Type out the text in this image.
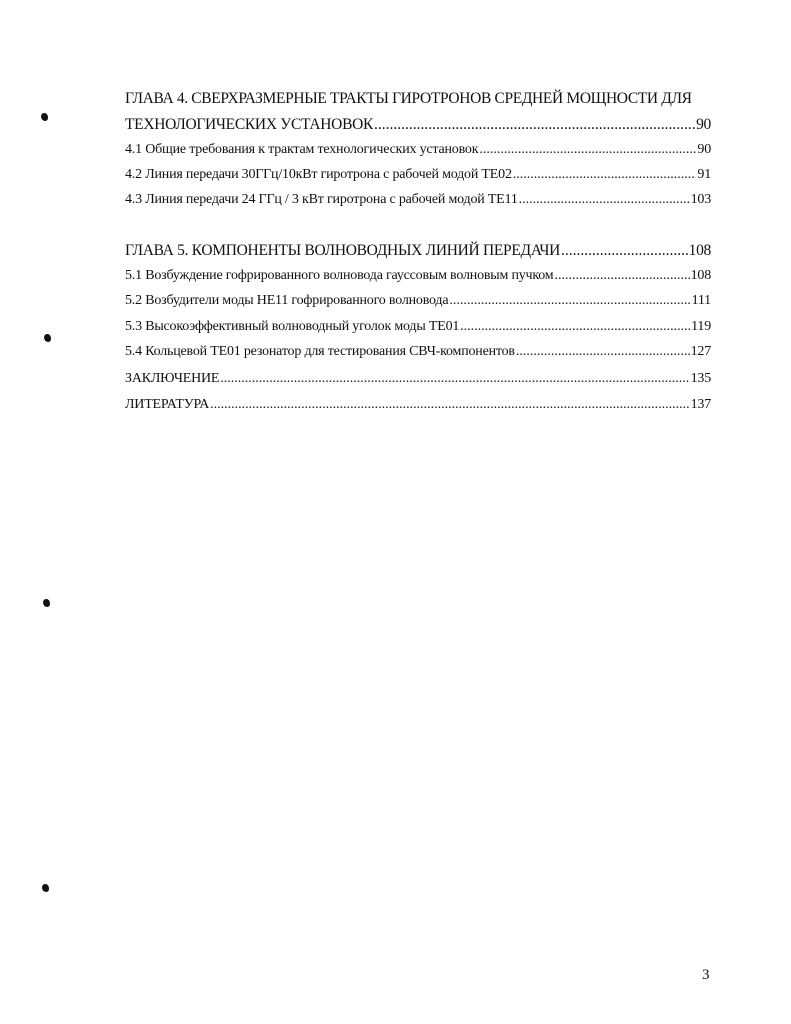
ГЛАВА 4. СВЕРХРАЗМЕРНЫЕ ТРАКТЫ ГИРОТРОНОВ СРЕДНЕЙ МОЩНОСТИ ДЛЯ
ТЕХНОЛОГИЧЕСКИХ УСТАНОВОК .....	90
4.1 Общие требования к трактам технологических установок .....	90
4.2 Линия передачи 30ГГц/10кВт гиротрона с рабочей модой ТЕ02 .....	91
4.3 Линия передачи 24 ГГц / 3 кВт гиротрона с рабочей модой ТЕ11 .....	103
ГЛАВА 5. КОМПОНЕНТЫ ВОЛНОВОДНЫХ ЛИНИЙ ПЕРЕДАЧИ .....	108
5.1 Возбуждение гофрированного волновода гауссовым волновым пучком .....	108
5.2 Возбудители моды НЕ11 гофрированного волновода .....	111
5.3 Высокоэффективный волноводный уголок моды ТЕ01 .....	119
5.4 Кольцевой ТЕ01 резонатор для тестирования СВЧ-компонентов .....	127
ЗАКЛЮЧЕНИЕ .....	135
ЛИТЕРАТУРА .....	137
3
